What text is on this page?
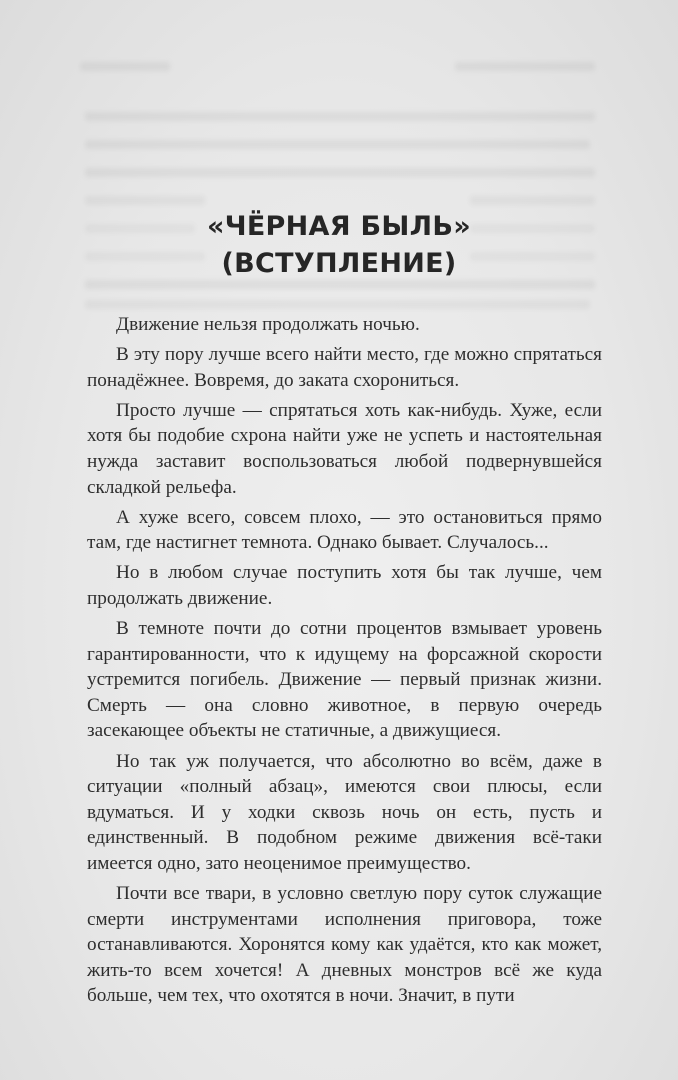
«ЧЁРНАЯ БЫЛЬ»
(ВСТУПЛЕНИЕ)

Движение нельзя продолжать ночью.

В эту пору лучше всего найти место, где можно спрятаться понадёжнее. Вовремя, до заката схорониться.

Просто лучше — спрятаться хоть как-нибудь. Хуже, если хотя бы подобие схрона найти уже не успеть и настоятельная нужда заставит воспользоваться любой подвернувшейся складкой рельефа.

А хуже всего, совсем плохо, — это остановиться прямо там, где настигнет темнота. Однако бывает. Случалось...

Но в любом случае поступить хотя бы так лучше, чем продолжать движение.

В темноте почти до сотни процентов взмывает уровень гарантированности, что к идущему на форсажной скорости устремится погибель. Движение — первый признак жизни. Смерть — она словно животное, в первую очередь засекающее объекты не статичные, а движущиеся.

Но так уж получается, что абсолютно во всём, даже в ситуации «полный абзац», имеются свои плюсы, если вдуматься. И у ходки сквозь ночь он есть, пусть и единственный. В подобном режиме движения всё-таки имеется одно, зато неоценимое преимущество.

Почти все твари, в условно светлую пору суток служащие смерти инструментами исполнения приговора, тоже останавливаются. Хоронятся кому как удаётся, кто как может, жить-то всем хочется! А дневных монстров всё же куда больше, чем тех, что охотятся в ночи. Значит, в пути
